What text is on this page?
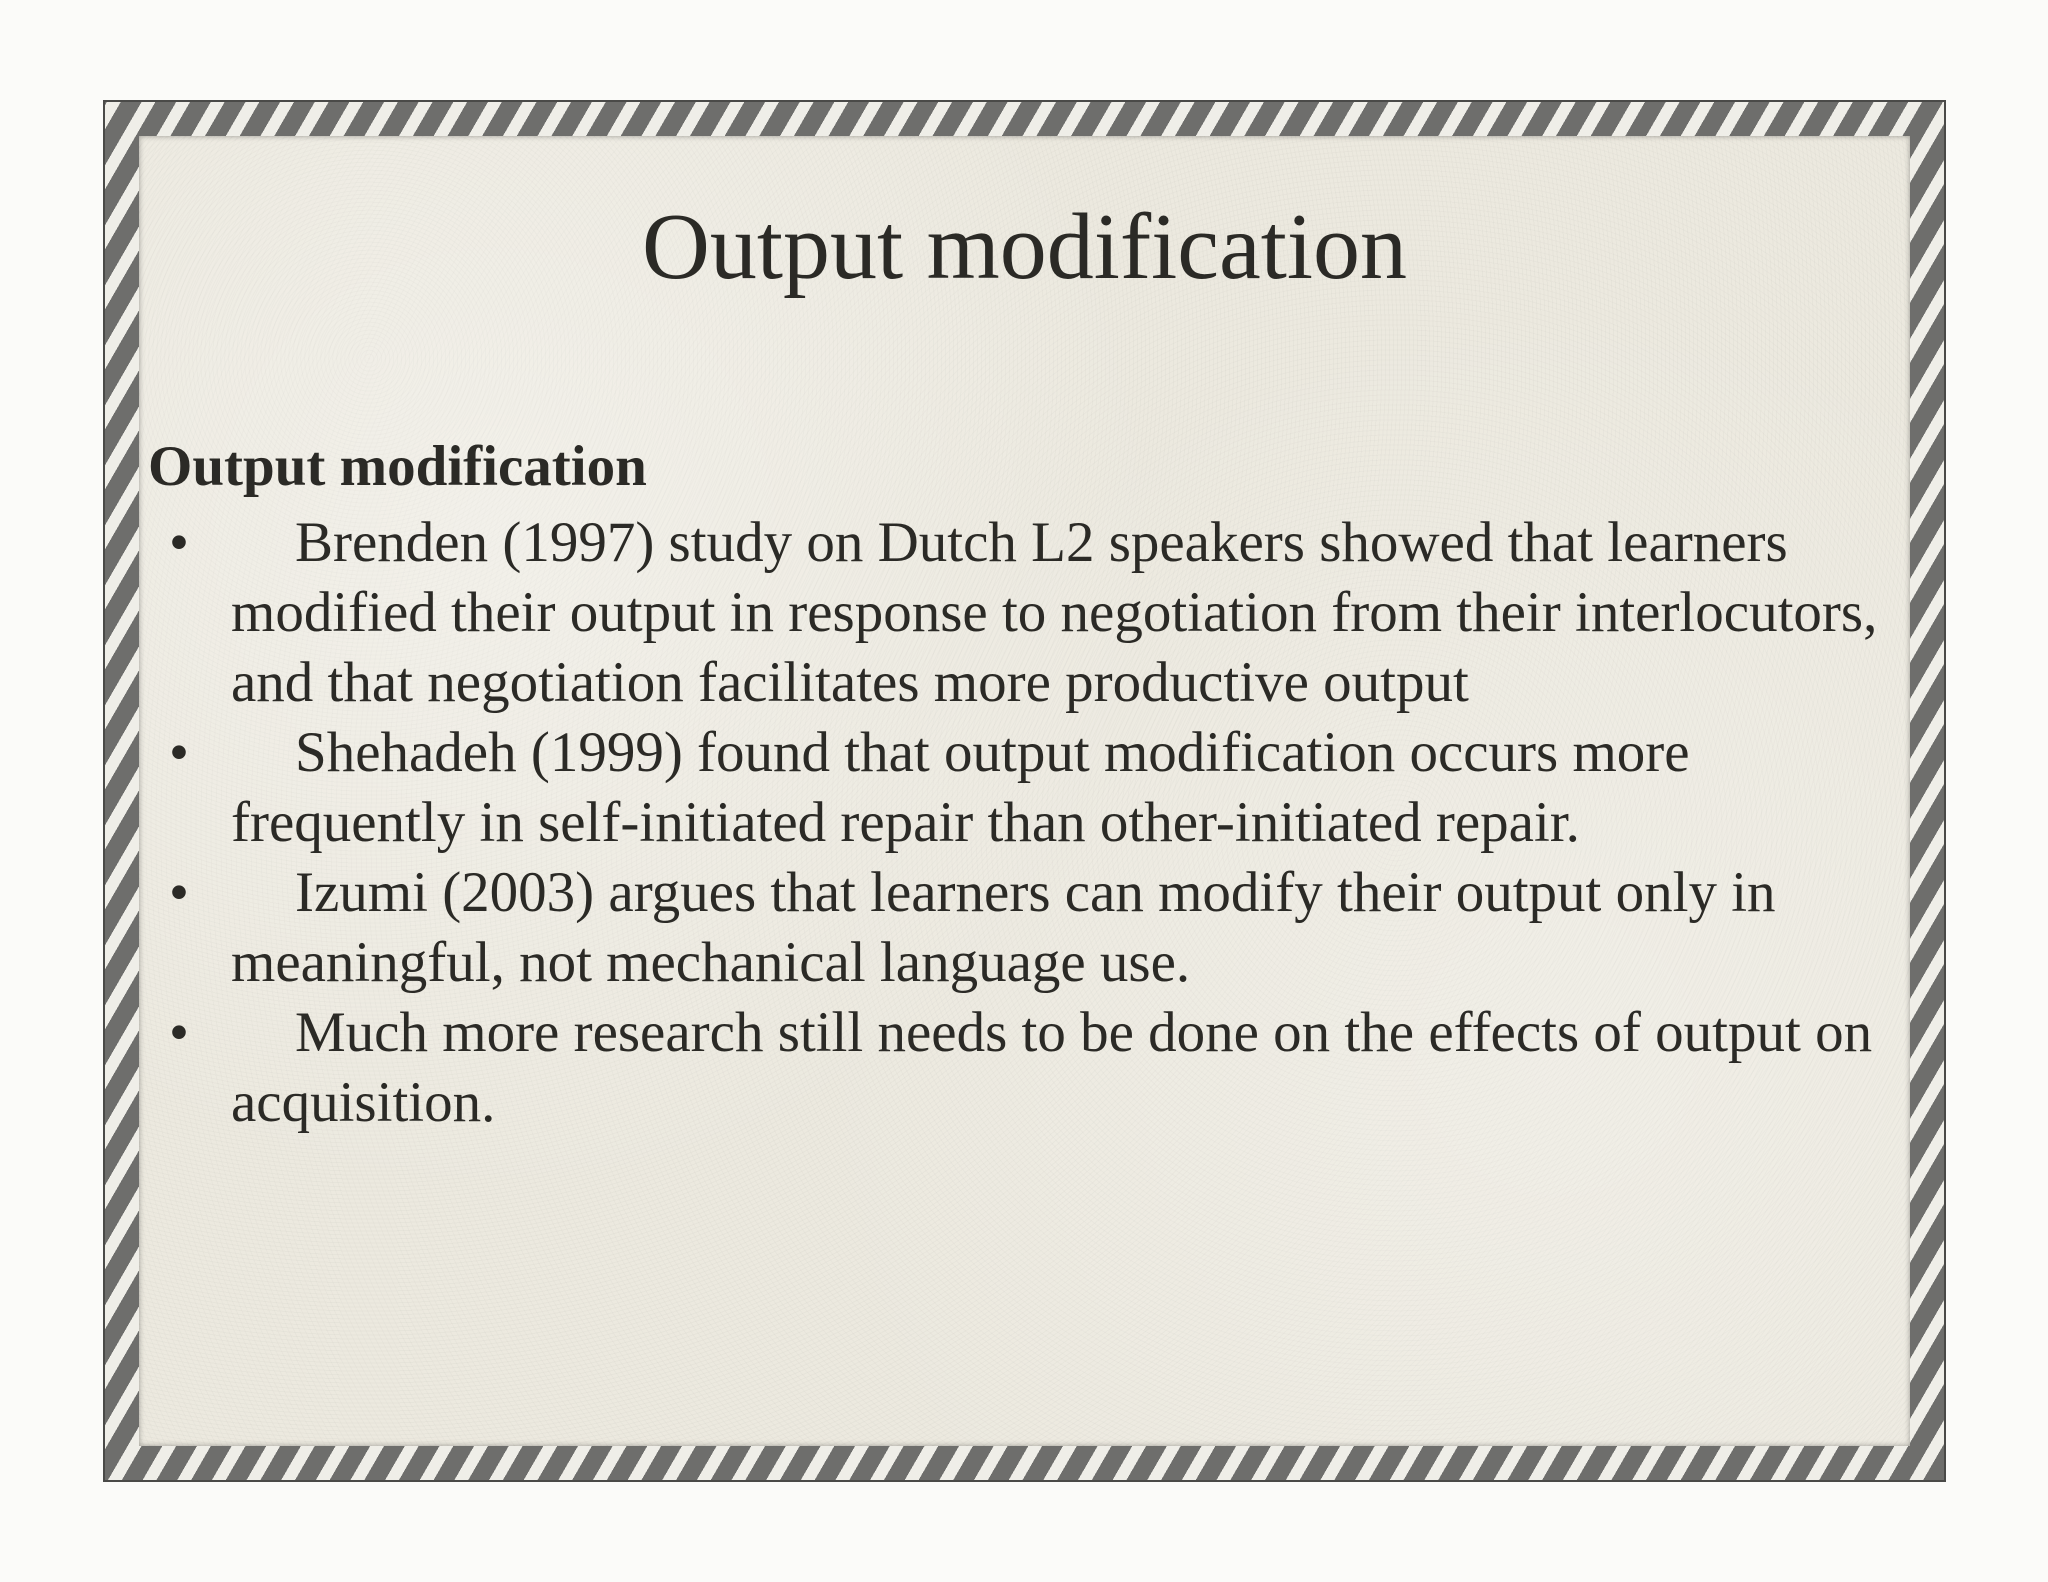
Output modification
Output modification
•	Brenden (1997) study on Dutch L2 speakers showed that learners modified their output in response to negotiation from their interlocutors, and that negotiation facilitates more productive output
•	Shehadeh (1999) found that output modification occurs more frequently in self-initiated repair than other-initiated repair.
•	Izumi (2003) argues that learners can modify their output only in meaningful, not mechanical language use.
•	Much more research still needs to be done on the effects of output on acquisition.
